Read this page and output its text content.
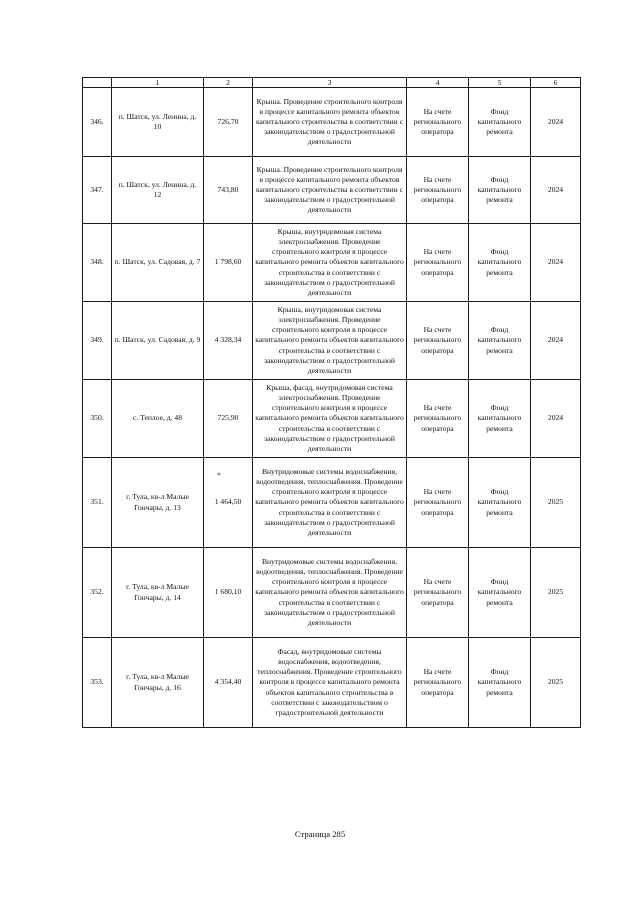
	1	2	3	4	5	6
346.	п. Шатск, ул. Ленина, д. 10	726,70	Крыша. Проведение строительного контроля в процессе капитального ремонта объектов капитального строительства в соответствии с законодательством о градостроительной деятельности	На счете регионального оператора	Фонд капитального ремонта	2024
347.	п. Шатск, ул. Ленина, д. 12	743,80	Крыша. Проведение строительного контроля в процессе капитального ремонта объектов капитального строительства в соответствии с законодательством о градостроительной деятельности	На счете регионального оператора	Фонд капитального ремонта	2024
348.	п. Шатск, ул. Садовая, д. 7	1 798,60	Крыша, внутридомовая система электроснабжения. Проведение строительного контроля в процессе капитального ремонта объектов капитального строительства в соответствии с законодательством о градостроительной деятельности	На счете регионального оператора	Фонд капитального ремонта	2024
349.	п. Шатск, ул. Садовая, д. 9	4 328,34	Крыша, внутридомовая система электроснабжения. Проведение строительного контроля в процессе капитального ремонта объектов капитального строительства в соответствии с законодательством о градостроительной деятельности	На счете регионального оператора	Фонд капитального ремонта	2024
350.	с. Теплое, д. 48	725,90	Крыша, фасад, внутридомовая система электроснабжения. Проведение строительного контроля в процессе капитального ремонта объектов капитального строительства в соответствии с законодательством о градостроительной деятельности	На счете регионального оператора	Фонд капитального ремонта	2024
351.	г. Тула, кв-л Малые Гончары, д. 13	1 464,50	Внутридомовые системы водоснабжения, водоотведения, теплоснабжения. Проведение строительного контроля в процессе капитального ремонта объектов капитального строительства в соответствии с законодательством о градостроительной деятельности	На счете регионального оператора	Фонд капитального ремонта	2025
352.	г. Тула, кв-л Малые Гончары, д. 14	1 680,10	Внутридомовые системы водоснабжения, водоотведения, теплоснабжения. Проведение строительного контроля в процессе капитального ремонта объектов капитального строительства в соответствии с законодательством о градостроительной деятельности	На счете регионального оператора	Фонд капитального ремонта	2025
353.	г. Тула, кв-л Малые Гончары, д. 16	4 354,40	Фасад, внутридомовые системы водоснабжения, водоотведения, теплоснабжения. Проведение строительного контроля в процессе капитального ремонта объектов капитального строительства в соответствии с законодательством о градостроительной деятельности	На счете регионального оператора	Фонд капитального ремонта	2025
*
Страница 285
